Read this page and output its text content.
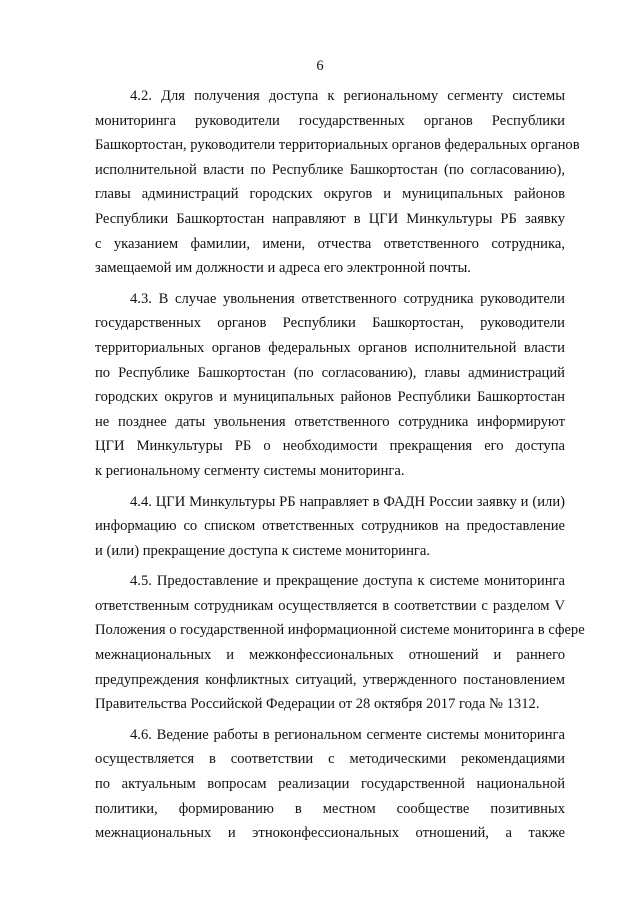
6
4.2. Для получения доступа к региональному сегменту системы
мониторинга руководители государственных органов Республики
Башкортостан, руководители территориальных органов федеральных органов
исполнительной власти по Республике Башкортостан (по согласованию),
главы администраций городских округов и муниципальных районов
Республики Башкортостан направляют в ЦГИ Минкультуры РБ заявку
с указанием фамилии, имени, отчества ответственного сотрудника,
замещаемой им должности и адреса его электронной почты.
4.3. В случае увольнения ответственного сотрудника руководители
государственных органов Республики Башкортостан, руководители
территориальных органов федеральных органов исполнительной власти
по Республике Башкортостан (по согласованию), главы администраций
городских округов и муниципальных районов Республики Башкортостан
не позднее даты увольнения ответственного сотрудника информируют
ЦГИ Минкультуры РБ о необходимости прекращения его доступа
к региональному сегменту системы мониторинга.
4.4. ЦГИ Минкультуры РБ направляет в ФАДН России заявку и (или)
информацию со списком ответственных сотрудников на предоставление
и (или) прекращение доступа к системе мониторинга.
4.5. Предоставление и прекращение доступа к системе мониторинга
ответственным сотрудникам осуществляется в соответствии с разделом V
Положения о государственной информационной системе мониторинга в сфере
межнациональных и межконфессиональных отношений и раннего
предупреждения конфликтных ситуаций, утвержденного постановлением
Правительства Российской Федерации от 28 октября 2017 года № 1312.
4.6. Ведение работы в региональном сегменте системы мониторинга
осуществляется в соответствии с методическими рекомендациями
по актуальным вопросам реализации государственной национальной
политики, формированию в местном сообществе позитивных
межнациональных и этноконфессиональных отношений, а также
